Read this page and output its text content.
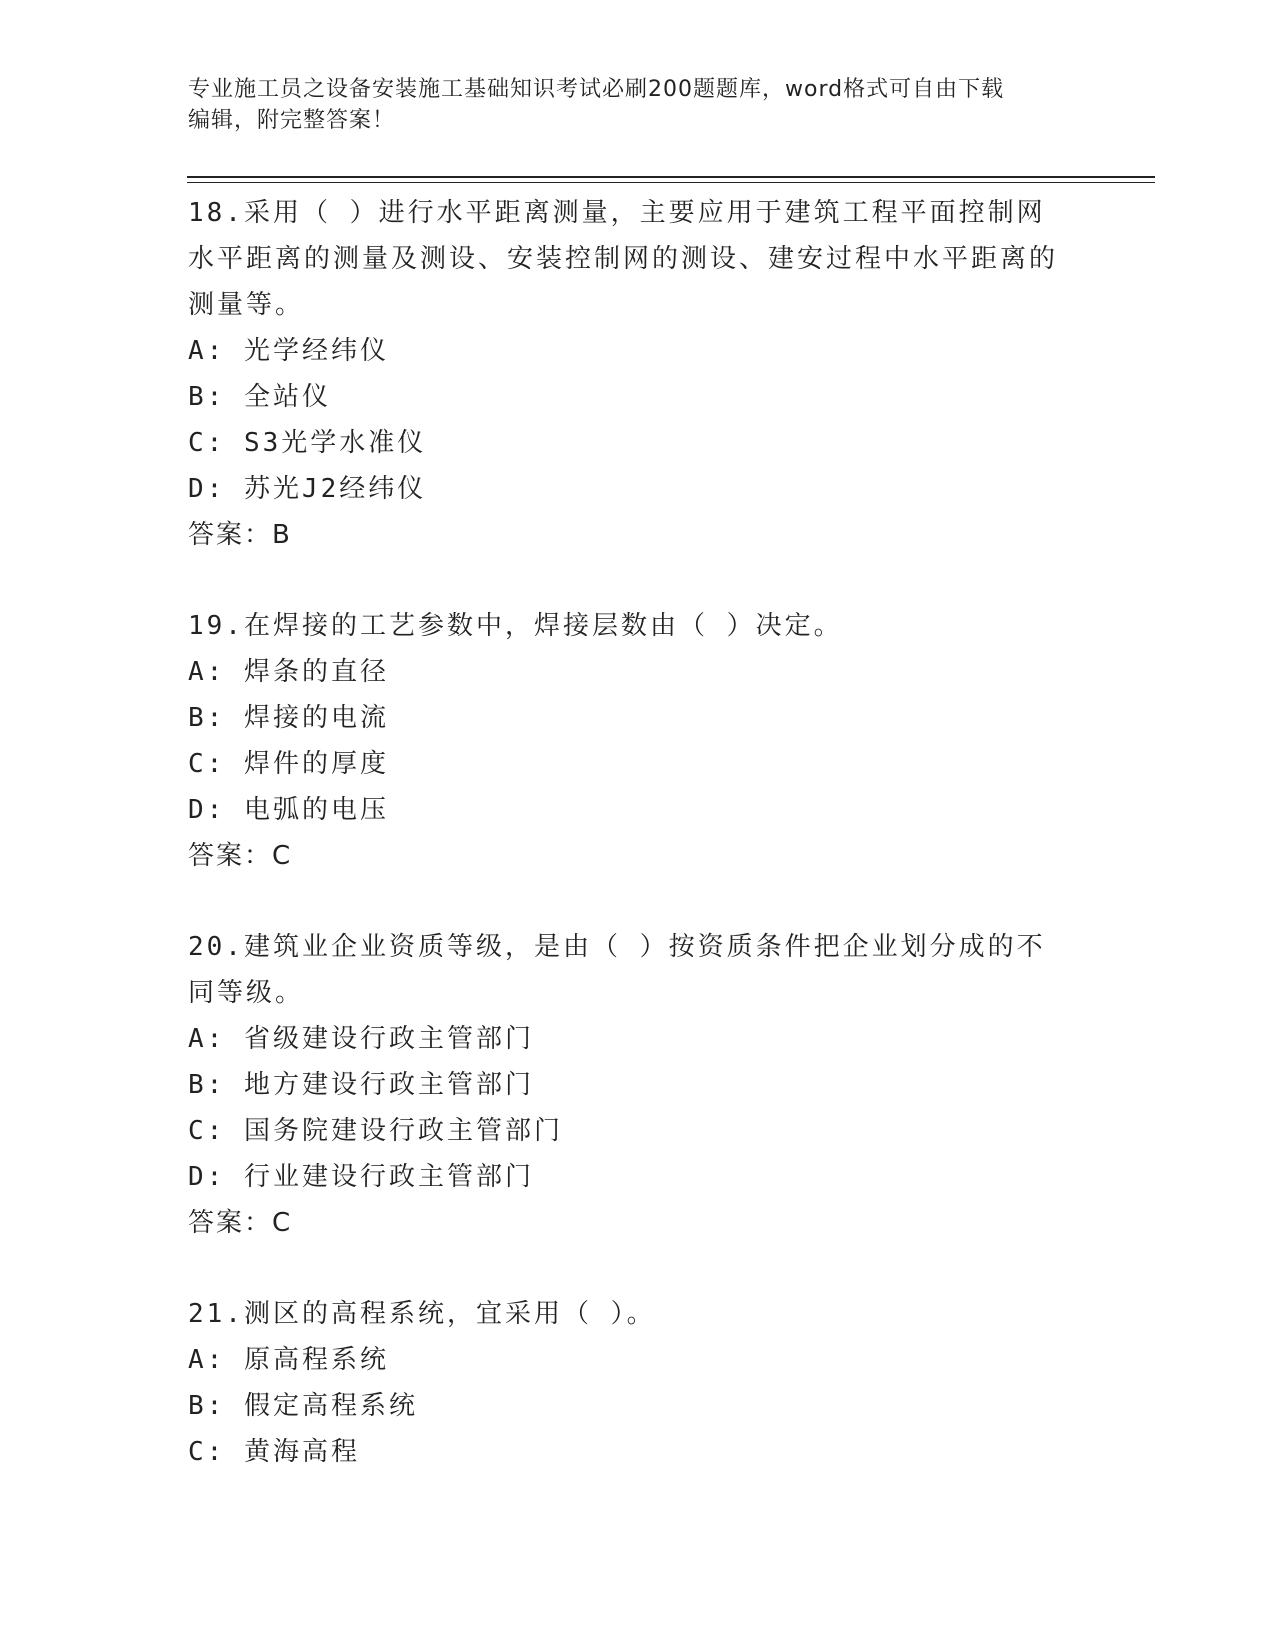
专业施工员之设备安装施工基础知识考试必刷200题题库，word格式可自由下载
编辑，附完整答案！
18.采用（ ）进行水平距离测量，主要应用于建筑工程平面控制网水平距离的测量及测设、安装控制网的测设、建安过程中水平距离的测量等。
A: 光学经纬仪
B: 全站仪
C: S3光学水准仪
D: 苏光J2经纬仪
答案：B
19.在焊接的工艺参数中，焊接层数由（ ）决定。
A: 焊条的直径
B: 焊接的电流
C: 焊件的厚度
D: 电弧的电压
答案：C
20.建筑业企业资质等级，是由（ ）按资质条件把企业划分成的不同等级。
A: 省级建设行政主管部门
B: 地方建设行政主管部门
C: 国务院建设行政主管部门
D: 行业建设行政主管部门
答案：C
21.测区的高程系统，宜采用（ ）。
A: 原高程系统
B: 假定高程系统
C: 黄海高程
